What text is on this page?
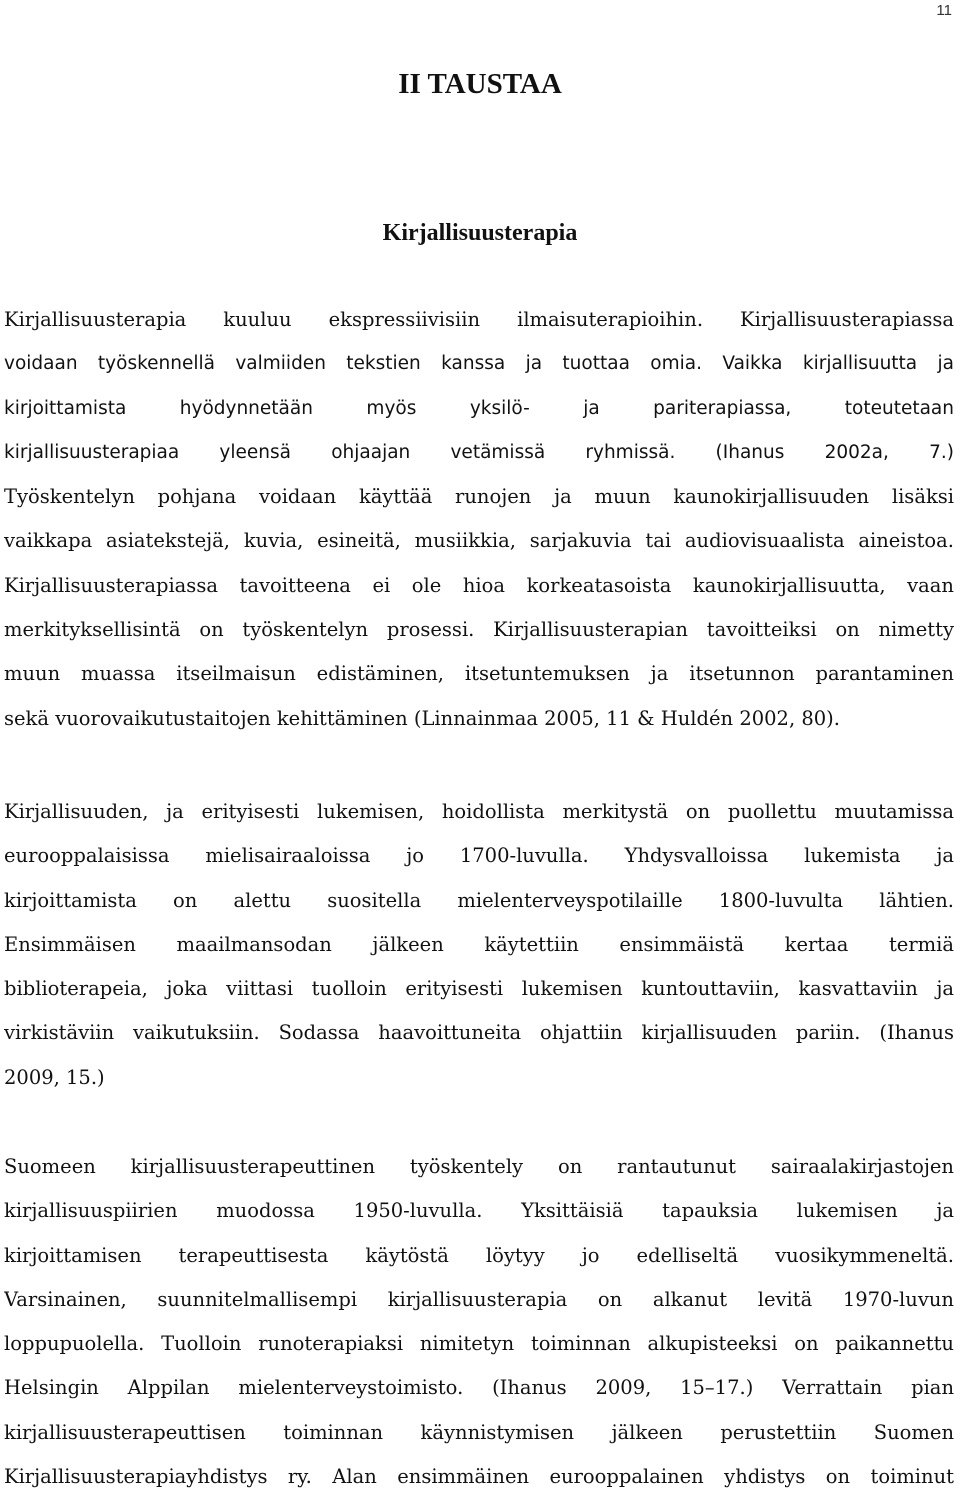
11
II TAUSTAA
Kirjallisuusterapia
Kirjallisuusterapia kuuluu ekspressiivisiin ilmaisuterapioihin. Kirjallisuusterapiassa
voidaan työskennellä valmiiden tekstien kanssa ja tuottaa omia. Vaikka kirjallisuutta ja
kirjoittamista hyödynnetään myös yksilö- ja pariterapiassa, toteutetaan
kirjallisuusterapiaa yleensä ohjaajan vetämissä ryhmissä. (Ihanus 2002a, 7.)
Työskentelyn pohjana voidaan käyttää runojen ja muun kaunokirjallisuuden lisäksi
vaikkapa asiatekstejä, kuvia, esineitä, musiikkia, sarjakuvia tai audiovisuaalista aineistoa.
Kirjallisuusterapiassa tavoitteena ei ole hioa korkeatasoista kaunokirjallisuutta, vaan
merkityksellisintä on työskentelyn prosessi. Kirjallisuusterapian tavoitteiksi on nimetty
muun muassa itseilmaisun edistäminen, itsetuntemuksen ja itsetunnon parantaminen
sekä vuorovaikutustaitojen kehittäminen (Linnainmaa 2005, 11 & Huldén 2002, 80).
Kirjallisuuden, ja erityisesti lukemisen, hoidollista merkitystä on puollettu muutamissa
eurooppalaisissa mielisairaaloissa jo 1700-luvulla. Yhdysvalloissa lukemista ja
kirjoittamista on alettu suositella mielenterveyspotilaille 1800-luvulta lähtien.
Ensimmäisen maailmansodan jälkeen käytettiin ensimmäistä kertaa termiä
biblioterapeia, joka viittasi tuolloin erityisesti lukemisen kuntouttaviin, kasvattaviin ja
virkistäviin vaikutuksiin. Sodassa haavoittuneita ohjattiin kirjallisuuden pariin. (Ihanus
2009, 15.)
Suomeen kirjallisuusterapeuttinen työskentely on rantautunut sairaalakirjastojen
kirjallisuuspiirien muodossa 1950-luvulla. Yksittäisiä tapauksia lukemisen ja
kirjoittamisen terapeuttisesta käytöstä löytyy jo edelliseltä vuosikymmeneltä.
Varsinainen, suunnitelmallisempi kirjallisuusterapia on alkanut levitä 1970-luvun
loppupuolella. Tuolloin runoterapiaksi nimitetyn toiminnan alkupisteeksi on paikannettu
Helsingin Alppilan mielenterveystoimisto. (Ihanus 2009, 15–17.) Verrattain pian
kirjallisuusterapeuttisen toiminnan käynnistymisen jälkeen perustettiin Suomen
Kirjallisuusterapiayhdistys ry. Alan ensimmäinen eurooppalainen yhdistys on toiminut
